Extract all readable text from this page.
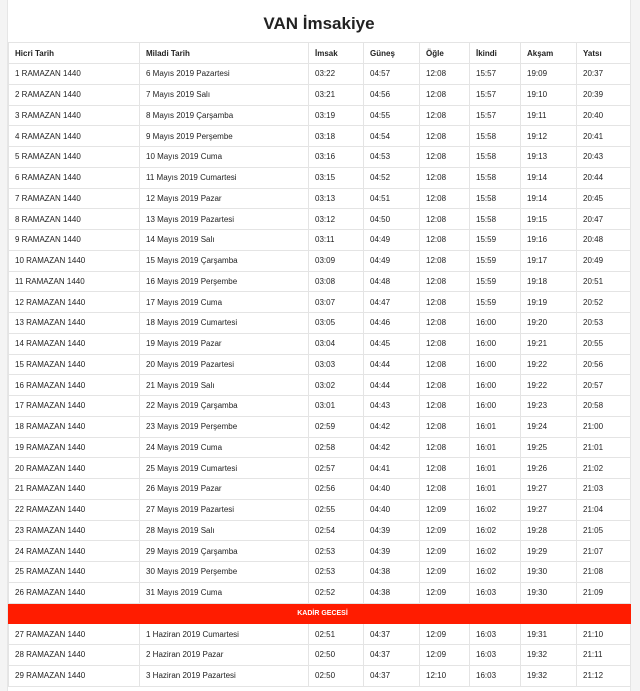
VAN İmsakiye
Hicri Tarih	Miladi Tarih	İmsak	Güneş	Öğle	İkindi	Akşam	Yatsı
1 RAMAZAN 1440	6 Mayıs 2019 Pazartesi	03:22	04:57	12:08	15:57	19:09	20:37
2 RAMAZAN 1440	7 Mayıs 2019 Salı	03:21	04:56	12:08	15:57	19:10	20:39
3 RAMAZAN 1440	8 Mayıs 2019 Çarşamba	03:19	04:55	12:08	15:57	19:11	20:40
4 RAMAZAN 1440	9 Mayıs 2019 Perşembe	03:18	04:54	12:08	15:58	19:12	20:41
5 RAMAZAN 1440	10 Mayıs 2019 Cuma	03:16	04:53	12:08	15:58	19:13	20:43
6 RAMAZAN 1440	11 Mayıs 2019 Cumartesi	03:15	04:52	12:08	15:58	19:14	20:44
7 RAMAZAN 1440	12 Mayıs 2019 Pazar	03:13	04:51	12:08	15:58	19:14	20:45
8 RAMAZAN 1440	13 Mayıs 2019 Pazartesi	03:12	04:50	12:08	15:58	19:15	20:47
9 RAMAZAN 1440	14 Mayıs 2019 Salı	03:11	04:49	12:08	15:59	19:16	20:48
10 RAMAZAN 1440	15 Mayıs 2019 Çarşamba	03:09	04:49	12:08	15:59	19:17	20:49
11 RAMAZAN 1440	16 Mayıs 2019 Perşembe	03:08	04:48	12:08	15:59	19:18	20:51
12 RAMAZAN 1440	17 Mayıs 2019 Cuma	03:07	04:47	12:08	15:59	19:19	20:52
13 RAMAZAN 1440	18 Mayıs 2019 Cumartesi	03:05	04:46	12:08	16:00	19:20	20:53
14 RAMAZAN 1440	19 Mayıs 2019 Pazar	03:04	04:45	12:08	16:00	19:21	20:55
15 RAMAZAN 1440	20 Mayıs 2019 Pazartesi	03:03	04:44	12:08	16:00	19:22	20:56
16 RAMAZAN 1440	21 Mayıs 2019 Salı	03:02	04:44	12:08	16:00	19:22	20:57
17 RAMAZAN 1440	22 Mayıs 2019 Çarşamba	03:01	04:43	12:08	16:00	19:23	20:58
18 RAMAZAN 1440	23 Mayıs 2019 Perşembe	02:59	04:42	12:08	16:01	19:24	21:00
19 RAMAZAN 1440	24 Mayıs 2019 Cuma	02:58	04:42	12:08	16:01	19:25	21:01
20 RAMAZAN 1440	25 Mayıs 2019 Cumartesi	02:57	04:41	12:08	16:01	19:26	21:02
21 RAMAZAN 1440	26 Mayıs 2019 Pazar	02:56	04:40	12:08	16:01	19:27	21:03
22 RAMAZAN 1440	27 Mayıs 2019 Pazartesi	02:55	04:40	12:09	16:02	19:27	21:04
23 RAMAZAN 1440	28 Mayıs 2019 Salı	02:54	04:39	12:09	16:02	19:28	21:05
24 RAMAZAN 1440	29 Mayıs 2019 Çarşamba	02:53	04:39	12:09	16:02	19:29	21:07
25 RAMAZAN 1440	30 Mayıs 2019 Perşembe	02:53	04:38	12:09	16:02	19:30	21:08
26 RAMAZAN 1440	31 Mayıs 2019 Cuma	02:52	04:38	12:09	16:03	19:30	21:09
KADİR GECESİ							
27 RAMAZAN 1440	1 Haziran 2019 Cumartesi	02:51	04:37	12:09	16:03	19:31	21:10
28 RAMAZAN 1440	2 Haziran 2019 Pazar	02:50	04:37	12:09	16:03	19:32	21:11
29 RAMAZAN 1440	3 Haziran 2019 Pazartesi	02:50	04:37	12:10	16:03	19:32	21:12
